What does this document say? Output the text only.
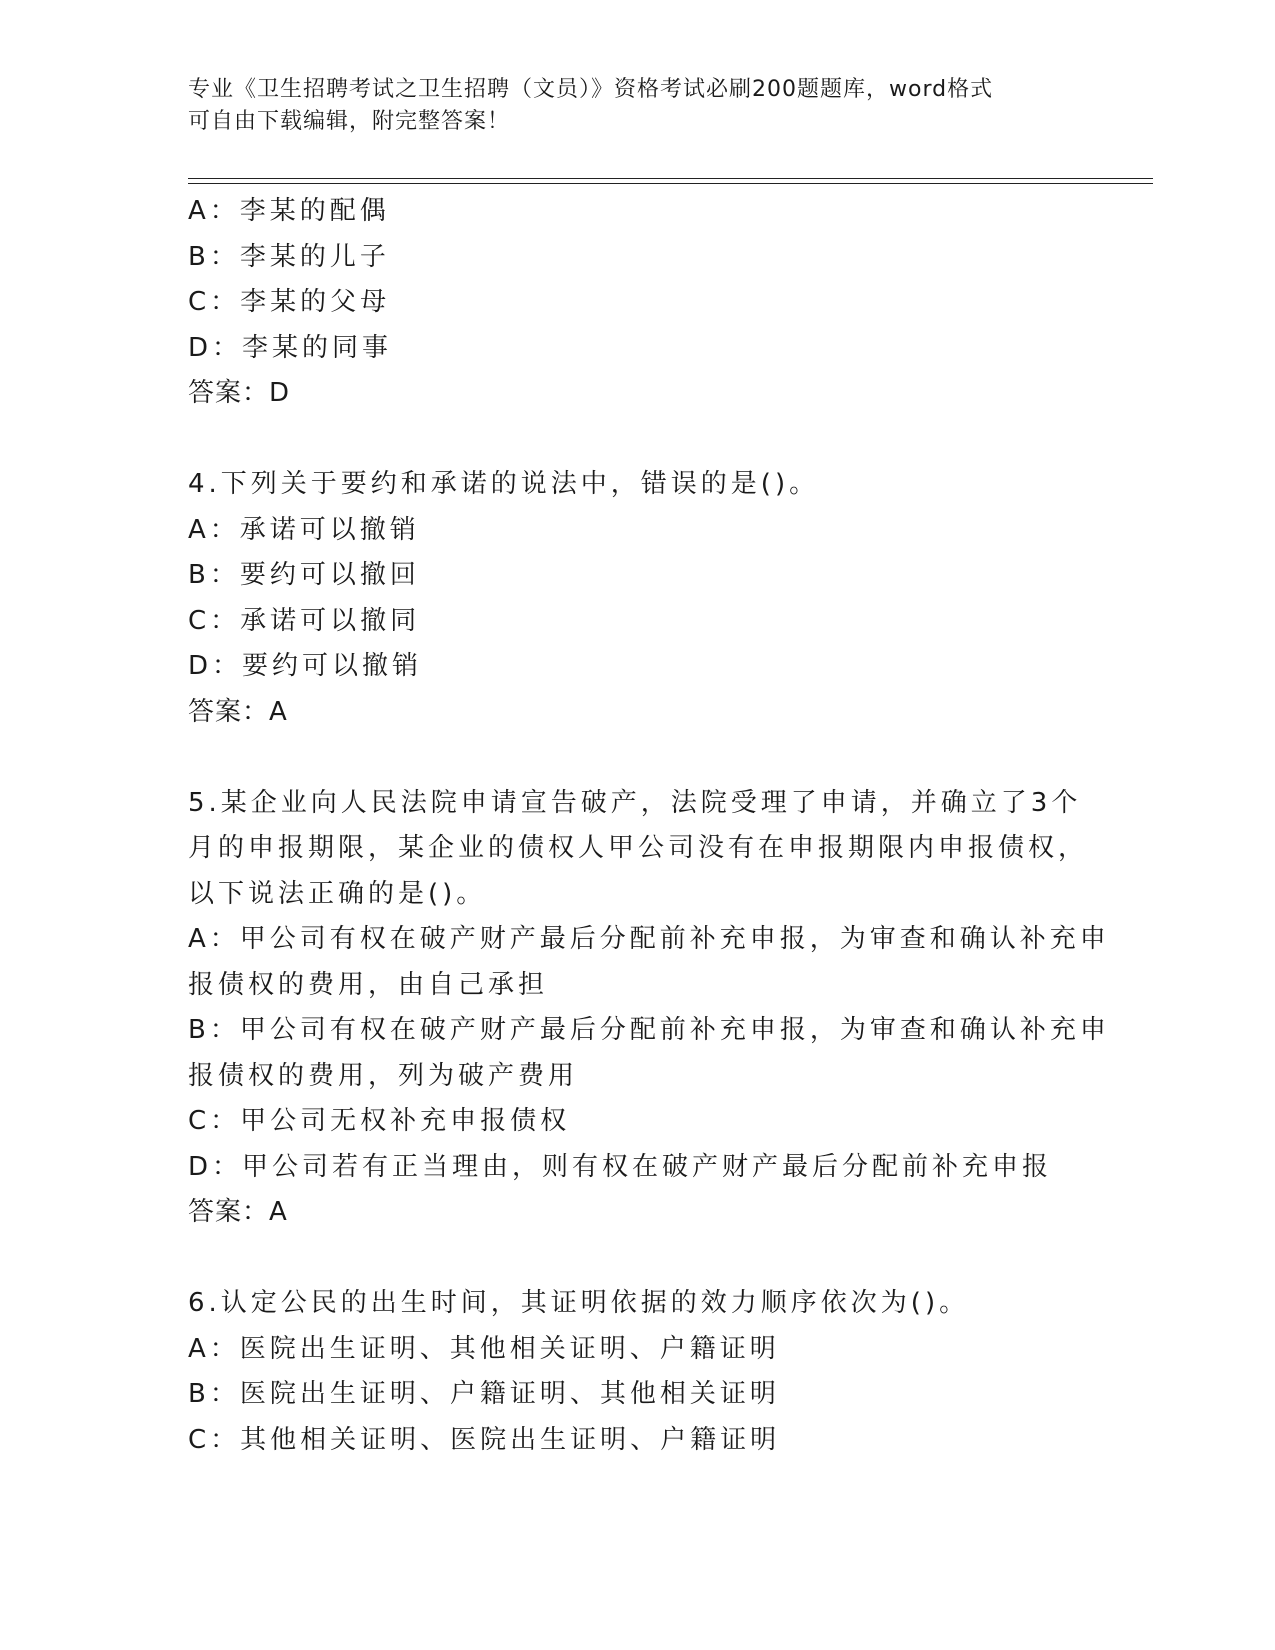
专业《卫生招聘考试之卫生招聘（文员）》资格考试必刷200题题库，word格式
可自由下载编辑，附完整答案！
A：李某的配偶
B：李某的儿子
C：李某的父母
D：李某的同事
答案：D
4.下列关于要约和承诺的说法中，错误的是()。
A：承诺可以撤销
B：要约可以撤回
C：承诺可以撤同
D：要约可以撤销
答案：A
5.某企业向人民法院申请宣告破产，法院受理了申请，并确立了3个
月的申报期限，某企业的债权人甲公司没有在申报期限内申报债权，
以下说法正确的是()。
A：甲公司有权在破产财产最后分配前补充申报，为审查和确认补充申
报债权的费用，由自己承担
B：甲公司有权在破产财产最后分配前补充申报，为审查和确认补充申
报债权的费用，列为破产费用
C：甲公司无权补充申报债权
D：甲公司若有正当理由，则有权在破产财产最后分配前补充申报
答案：A
6.认定公民的出生时间，其证明依据的效力顺序依次为()。
A：医院出生证明、其他相关证明、户籍证明
B：医院出生证明、户籍证明、其他相关证明
C：其他相关证明、医院出生证明、户籍证明
